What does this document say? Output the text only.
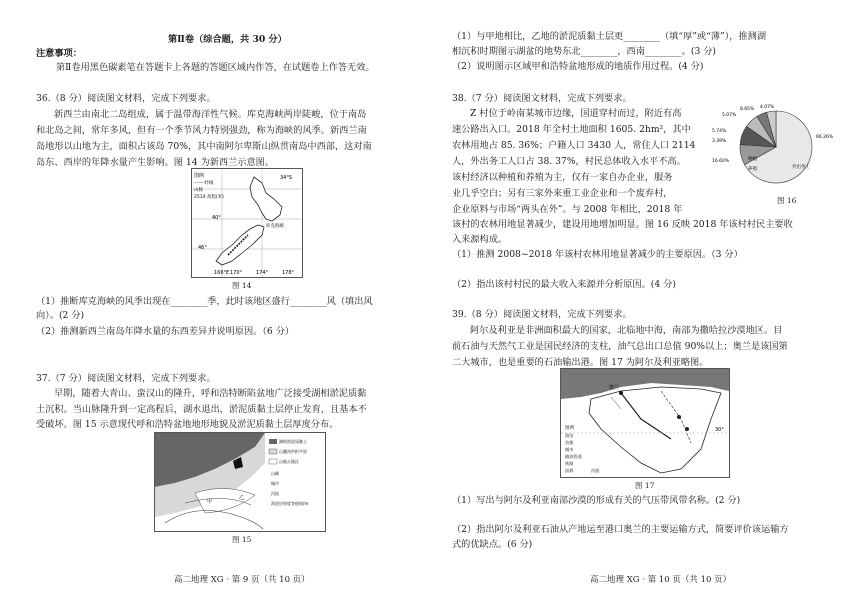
第Ⅱ卷（综合题，共 30 分）
注意事项：
第Ⅱ卷用黑色碳素笔在答题卡上各题的答题区域内作答，在试题卷上作答无效。
36.（8 分）阅读图文材料，完成下列要求。
新西兰由南北二岛组成，属于温带海洋性气候。库克海峡两岸陡峻，位于南岛
和北岛之间，常年多风，但有一个季节风力特别强劲，称为海峡的风季。新西兰南
岛地形以山地为主，面积占该岛 70%，其中南阿尔卑斯山纵贯南岛中西部，这对南
岛东、西岸的年降水量产生影响。图 14 为新西兰示意图。
图例
—— 经线
山脉
2514 高程(米)
34°S
40°
46°
166°E	178°
174°
170°
库克海峡
图 14
（1）推断库克海峡的风季出现在________季，此时该地区盛行________风（填出风
向）。(2 分)
（2）推测新西兰南岛年降水量的东西差异并说明原因。（6 分）
37.（7 分）阅读图文材料，完成下列要求。
早期，随着大青山、蛮汉山的隆升，呼和浩特断陷盆地广泛接受湖相淤泥质黏
土沉积。当山脉隆升到一定高程后，湖水退出，淤泥质黏土层停止发育，且基本不
受破坏。图 15 示意现代呼和浩特盆地地形地貌及淤泥质黏土层厚度分布。
湖相淤泥质黏土
山麓冲洪积平原
山地丘陵区
山峰
城市
河流
淤泥层厚度等值线/m
甲
乙
图 15
高二地理 XG · 第 9 页（共 10 页）
（1）与甲地相比，乙地的淤泥质黏土层更________（填“厚”或“薄”），推测湖
相沉积时期图示湖盆的地势东北________，西南________。(3 分)
（2）说明图示区域甲和浩特盆地形成的地质作用过程。(4 分)
38.（7 分）阅读图文材料，完成下列要求。
Z 村位于岭南某城市边缘，国道穿村而过，附近有高
速公路出入口。2018 年全村土地面积 1605. 2hm²，其中
农林用地占 85. 36%；户籍人口 3430 人，常住人口 2114
人，外出务工人口占 38. 37%，村民总体收入水平不高。
该村经济以种植和养殖为主，仅有一家自办企业，服务
业几乎空白；另有三家外来重工业企业和一个废弃村，
企业原料与市场“两头在外”。与 2008 年相比，2018 年
该村的农林用地显著减少，建设用地增加明显。图 16 反映 2018 年该村村民主要收
入来源构成。
5.07%
8.85% 4.07%
5.74%
3.39%
66.26%
16.60%	种植
养殖	外出务工
图 16
（1）推测 2008~2018 年该村农林用地显著减少的主要原因。（3 分）
（2）指出该村村民的最大收入来源并分析原因。(4 分)
39.（8 分）阅读图文材料，完成下列要求。
阿尔及利亚是非洲面积最大的国家，北临地中海，南部为撒哈拉沙漠地区。目
前石油与天然气工业是国民经济的支柱，油气总出口总值 90%以上；奥兰是该国第
二大城市，也是重要的石油输出港。图 17 为阿尔及利亚略图。
奥兰
30°
图例
油田
首都
城市
输油管道
铁路
国界	河流
图 17
（1）写出与阿尔及利亚南部沙漠的形成有关的气压带风带名称。(2 分)
（2）指出阿尔及利亚石油从产地运至港口奥兰的主要运输方式，简要评价该运输方
式的优缺点。(6 分)
高二地理 XG · 第 10 页（共 10 页）
